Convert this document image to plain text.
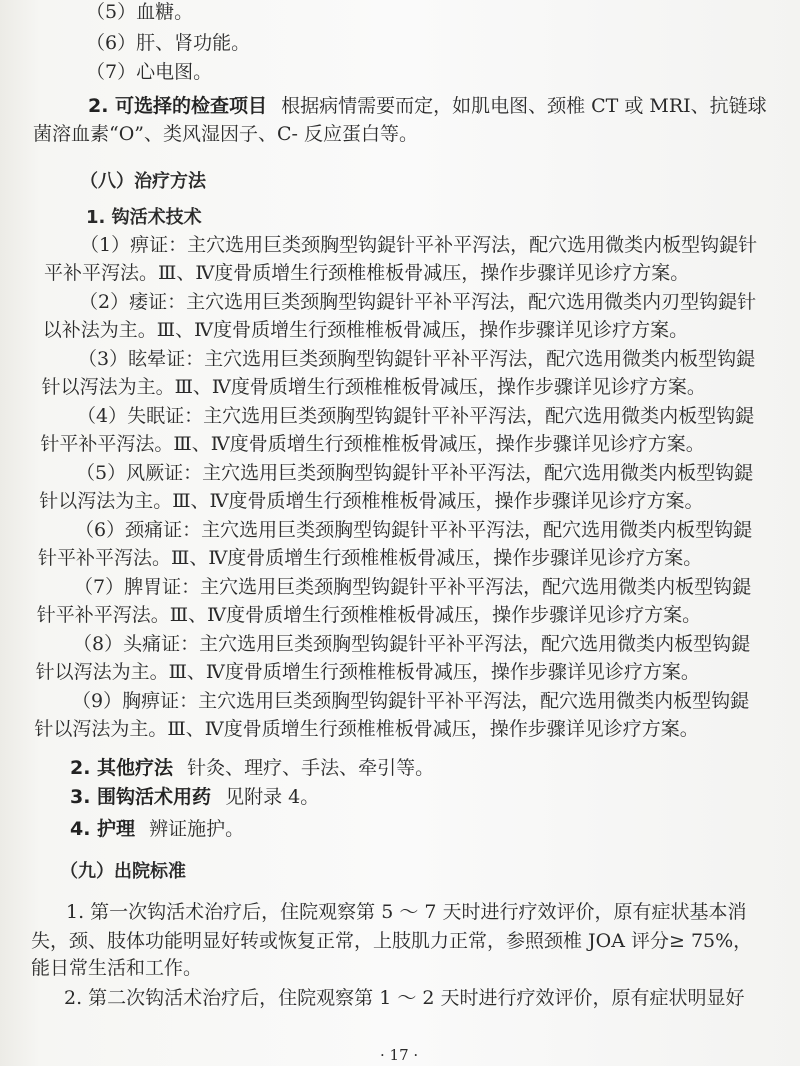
（5）血糖。
（6）肝、肾功能。
（7）心电图。
2. 可选择的检查项目 根据病情需要而定，如肌电图、颈椎 CT 或 MRI、抗链球
菌溶血素“O”、类风湿因子、C- 反应蛋白等。
（八）治疗方法
1. 钩活术技术
（1）痹证：主穴选用巨类颈胸型钩鍉针平补平泻法，配穴选用微类内板型钩鍉针
平补平泻法。Ⅲ、Ⅳ度骨质增生行颈椎椎板骨减压，操作步骤详见诊疗方案。
（2）痿证：主穴选用巨类颈胸型钩鍉针平补平泻法，配穴选用微类内刃型钩鍉针
以补法为主。Ⅲ、Ⅳ度骨质增生行颈椎椎板骨减压，操作步骤详见诊疗方案。
（3）眩晕证：主穴选用巨类颈胸型钩鍉针平补平泻法，配穴选用微类内板型钩鍉
针以泻法为主。Ⅲ、Ⅳ度骨质增生行颈椎椎板骨减压，操作步骤详见诊疗方案。
（4）失眠证：主穴选用巨类颈胸型钩鍉针平补平泻法，配穴选用微类内板型钩鍉
针平补平泻法。Ⅲ、Ⅳ度骨质增生行颈椎椎板骨减压，操作步骤详见诊疗方案。
（5）风厥证：主穴选用巨类颈胸型钩鍉针平补平泻法，配穴选用微类内板型钩鍉
针以泻法为主。Ⅲ、Ⅳ度骨质增生行颈椎椎板骨减压，操作步骤详见诊疗方案。
（6）颈痛证：主穴选用巨类颈胸型钩鍉针平补平泻法，配穴选用微类内板型钩鍉
针平补平泻法。Ⅲ、Ⅳ度骨质增生行颈椎椎板骨减压，操作步骤详见诊疗方案。
（7）脾胃证：主穴选用巨类颈胸型钩鍉针平补平泻法，配穴选用微类内板型钩鍉
针平补平泻法。Ⅲ、Ⅳ度骨质增生行颈椎椎板骨减压，操作步骤详见诊疗方案。
（8）头痛证：主穴选用巨类颈胸型钩鍉针平补平泻法，配穴选用微类内板型钩鍉
针以泻法为主。Ⅲ、Ⅳ度骨质增生行颈椎椎板骨减压，操作步骤详见诊疗方案。
（9）胸痹证：主穴选用巨类颈胸型钩鍉针平补平泻法，配穴选用微类内板型钩鍉
针以泻法为主。Ⅲ、Ⅳ度骨质增生行颈椎椎板骨减压，操作步骤详见诊疗方案。
2. 其他疗法 针灸、理疗、手法、牵引等。
3. 围钩活术用药 见附录 4。
4. 护理 辨证施护。
（九）出院标准
1. 第一次钩活术治疗后，住院观察第 5 ～ 7 天时进行疗效评价，原有症状基本消
失，颈、肢体功能明显好转或恢复正常，上肢肌力正常，参照颈椎 JOA 评分≥ 75%，
能日常生活和工作。
2. 第二次钩活术治疗后，住院观察第 1 ～ 2 天时进行疗效评价，原有症状明显好
· 17 ·
